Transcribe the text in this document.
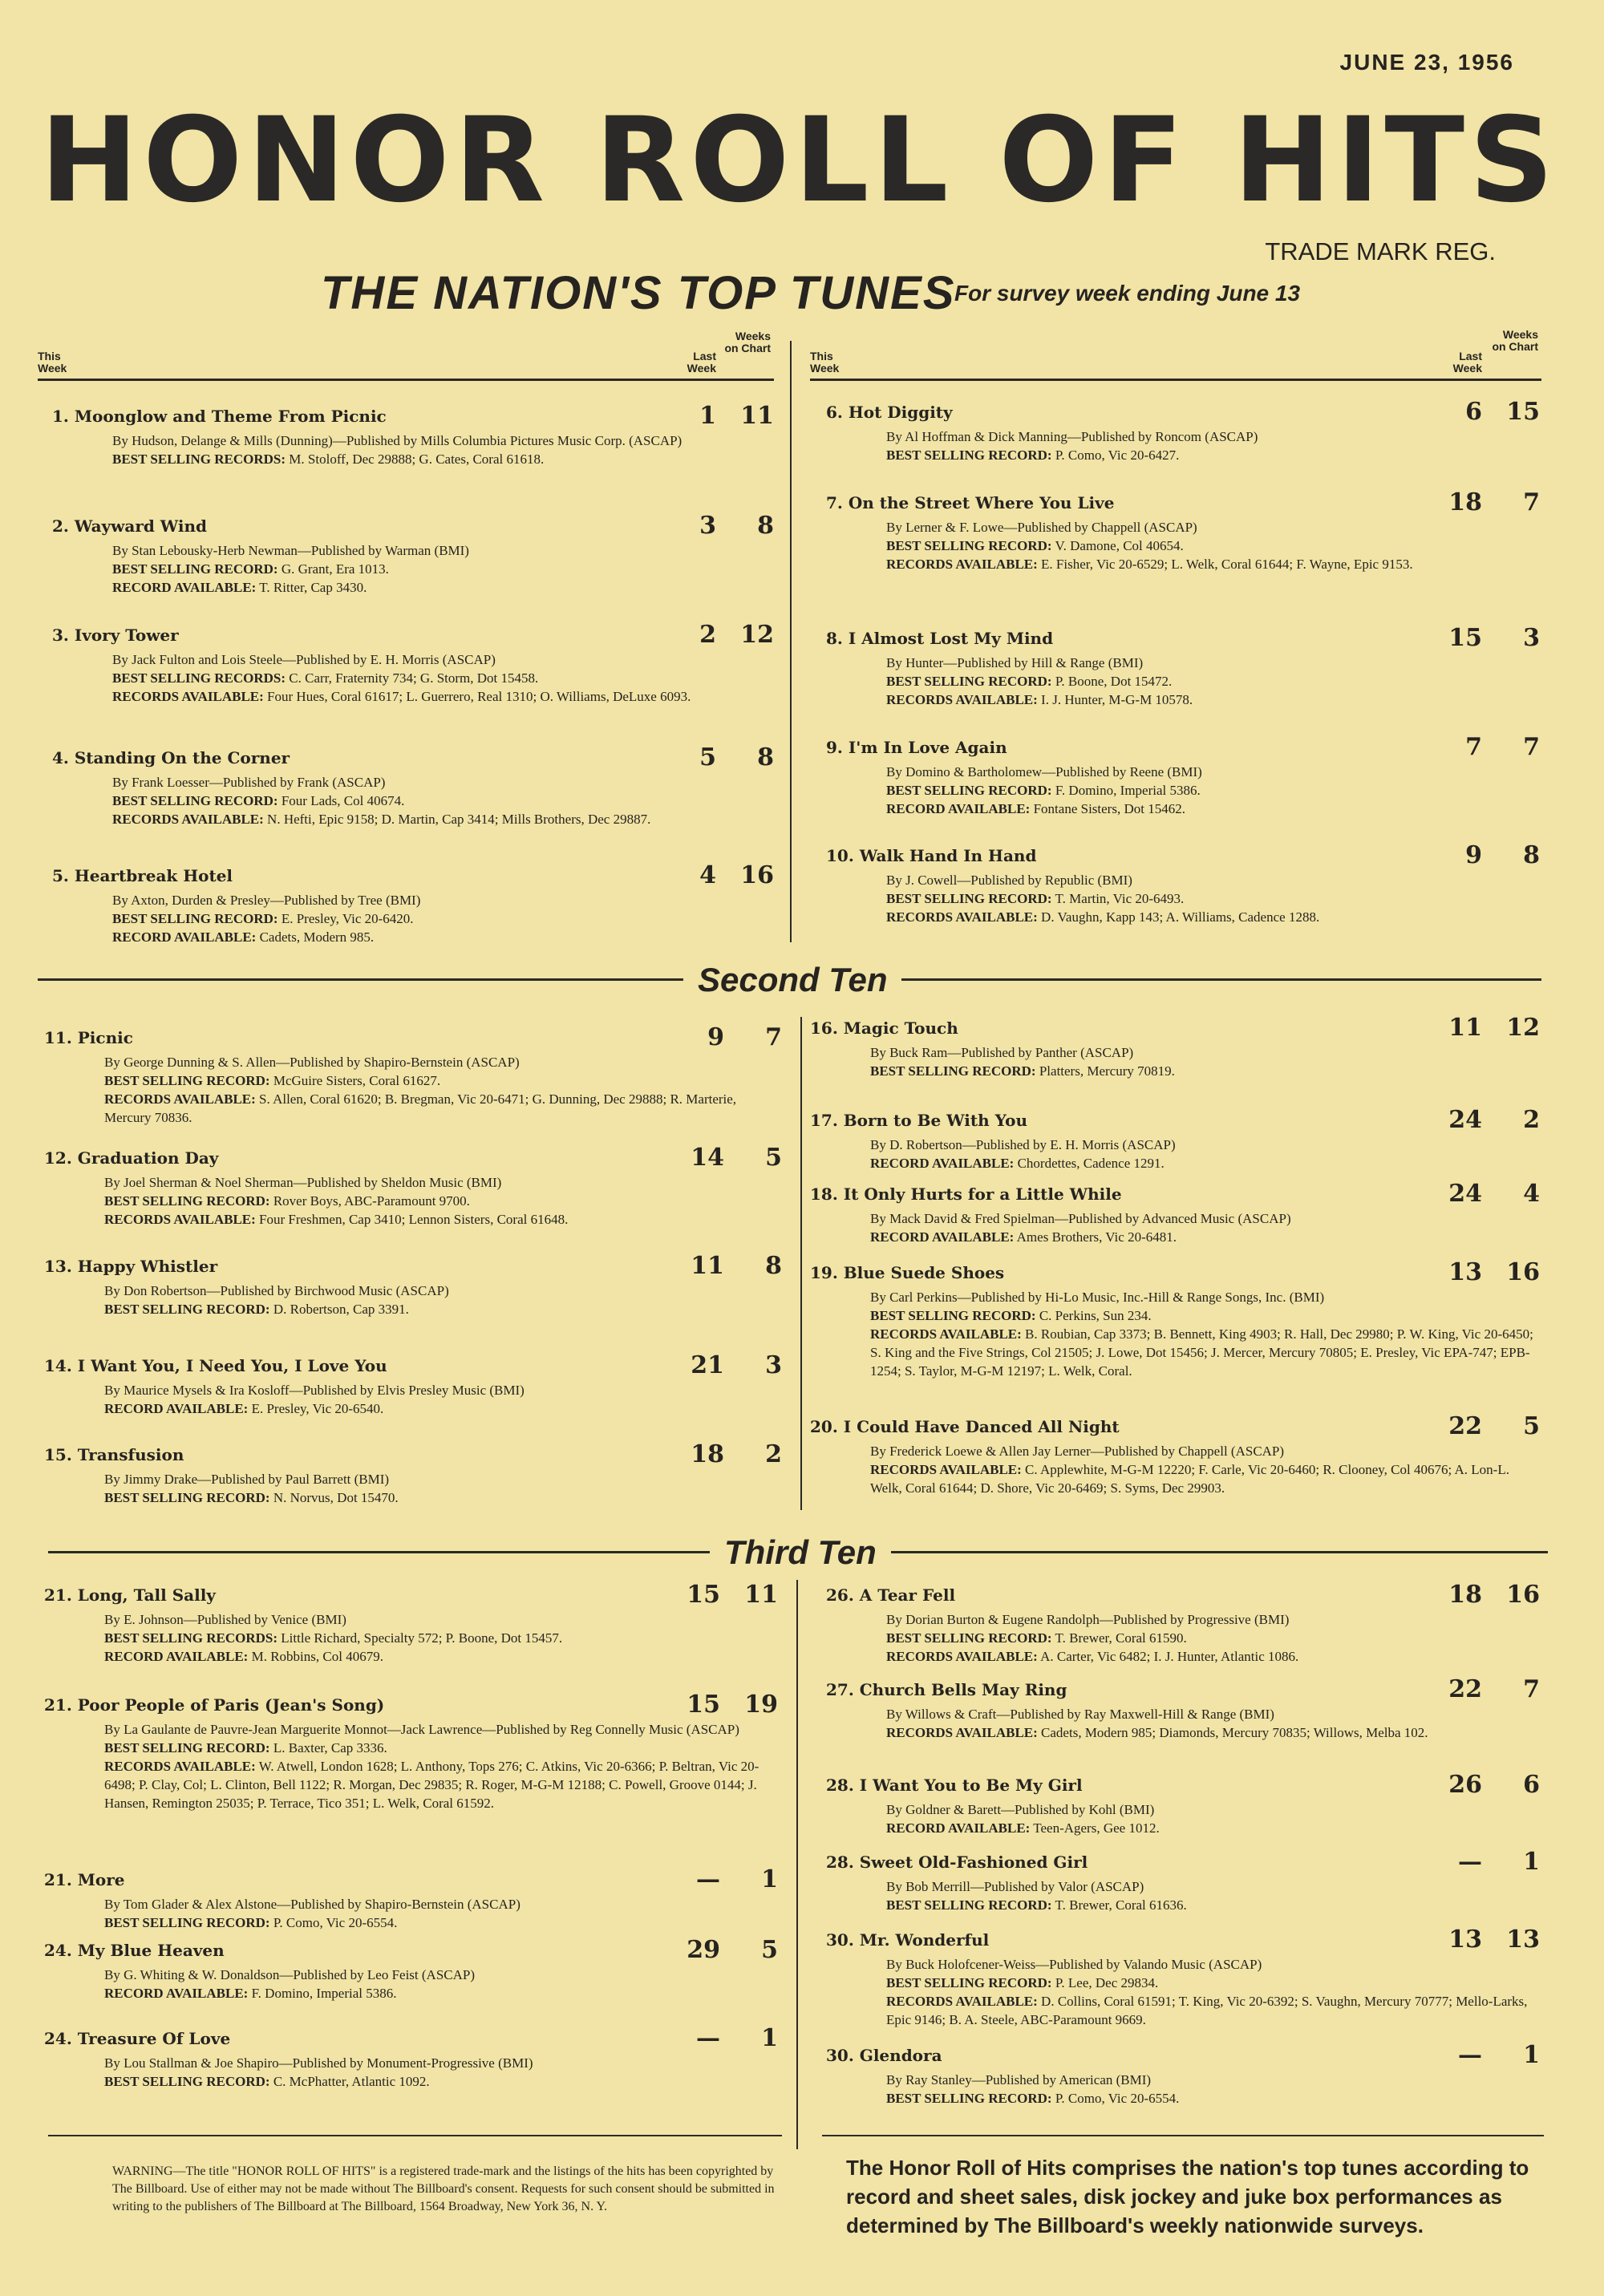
JUNE 23, 1956
HONOR ROLL OF HITS
TRADE MARK REG.
THE NATION'S TOP TUNES
For survey week ending June 13
This Week
Last Week
Weeks on Chart
This Week
Last Week
Weeks on Chart
Second Ten
Third Ten
1. Moonglow and Theme From Picnic	1	11
By Hudson, Delange & Mills (Dunning)—Published by Mills Columbia Pictures Music Corp. (ASCAP)
BEST SELLING RECORDS: M. Stoloff, Dec 29888; G. Cates, Coral 61618.
2. Wayward Wind	3	8
By Stan Lebousky-Herb Newman—Published by Warman (BMI)
BEST SELLING RECORD: G. Grant, Era 1013.
RECORD AVAILABLE: T. Ritter, Cap 3430.
3. Ivory Tower	2	12
By Jack Fulton and Lois Steele—Published by E. H. Morris (ASCAP)
BEST SELLING RECORDS: C. Carr, Fraternity 734; G. Storm, Dot 15458.
RECORDS AVAILABLE: Four Hues, Coral 61617; L. Guerrero, Real 1310; O. Williams, DeLuxe 6093.
4. Standing On the Corner	5	8
By Frank Loesser—Published by Frank (ASCAP)
BEST SELLING RECORD: Four Lads, Col 40674.
RECORDS AVAILABLE: N. Hefti, Epic 9158; D. Martin, Cap 3414; Mills Brothers, Dec 29887.
5. Heartbreak Hotel	4	16
By Axton, Durden & Presley—Published by Tree (BMI)
BEST SELLING RECORD: E. Presley, Vic 20-6420.
RECORD AVAILABLE: Cadets, Modern 985.
6. Hot Diggity	6	15
By Al Hoffman & Dick Manning—Published by Roncom (ASCAP)
BEST SELLING RECORD: P. Como, Vic 20-6427.
7. On the Street Where You Live	18	7
By Lerner & F. Lowe—Published by Chappell (ASCAP)
BEST SELLING RECORD: V. Damone, Col 40654.
RECORDS AVAILABLE: E. Fisher, Vic 20-6529; L. Welk, Coral 61644; F. Wayne, Epic 9153.
8. I Almost Lost My Mind	15	3
By Hunter—Published by Hill & Range (BMI)
BEST SELLING RECORD: P. Boone, Dot 15472.
RECORDS AVAILABLE: I. J. Hunter, M-G-M 10578.
9. I'm In Love Again	7	7
By Domino & Bartholomew—Published by Reene (BMI)
BEST SELLING RECORD: F. Domino, Imperial 5386.
RECORD AVAILABLE: Fontane Sisters, Dot 15462.
10. Walk Hand In Hand	9	8
By J. Cowell—Published by Republic (BMI)
BEST SELLING RECORD: T. Martin, Vic 20-6493.
RECORDS AVAILABLE: D. Vaughn, Kapp 143; A. Williams, Cadence 1288.
11. Picnic	9	7
By George Dunning & S. Allen—Published by Shapiro-Bernstein (ASCAP)
BEST SELLING RECORD: McGuire Sisters, Coral 61627.
RECORDS AVAILABLE: S. Allen, Coral 61620; B. Bregman, Vic 20-6471; G. Dunning, Dec 29888; R. Marterie, Mercury 70836.
12. Graduation Day	14	5
By Joel Sherman & Noel Sherman—Published by Sheldon Music (BMI)
BEST SELLING RECORD: Rover Boys, ABC-Paramount 9700.
RECORDS AVAILABLE: Four Freshmen, Cap 3410; Lennon Sisters, Coral 61648.
13. Happy Whistler	11	8
By Don Robertson—Published by Birchwood Music (ASCAP)
BEST SELLING RECORD: D. Robertson, Cap 3391.
14. I Want You, I Need You, I Love You	21	3
By Maurice Mysels & Ira Kosloff—Published by Elvis Presley Music (BMI)
RECORD AVAILABLE: E. Presley, Vic 20-6540.
15. Transfusion	18	2
By Jimmy Drake—Published by Paul Barrett (BMI)
BEST SELLING RECORD: N. Norvus, Dot 15470.
16. Magic Touch	11	12
By Buck Ram—Published by Panther (ASCAP)
BEST SELLING RECORD: Platters, Mercury 70819.
17. Born to Be With You	24	2
By D. Robertson—Published by E. H. Morris (ASCAP)
RECORD AVAILABLE: Chordettes, Cadence 1291.
18. It Only Hurts for a Little While	24	4
By Mack David & Fred Spielman—Published by Advanced Music (ASCAP)
RECORD AVAILABLE: Ames Brothers, Vic 20-6481.
19. Blue Suede Shoes	13	16
By Carl Perkins—Published by Hi-Lo Music, Inc.-Hill & Range Songs, Inc. (BMI)
BEST SELLING RECORD: C. Perkins, Sun 234.
RECORDS AVAILABLE: B. Roubian, Cap 3373; B. Bennett, King 4903; R. Hall, Dec 29980; P. W. King, Vic 20-6450; S. King and the Five Strings, Col 21505; J. Lowe, Dot 15456; J. Mercer, Mercury 70805; E. Presley, Vic EPA-747; EPB-1254; S. Taylor, M-G-M 12197; L. Welk, Coral.
20. I Could Have Danced All Night	22	5
By Frederick Loewe & Allen Jay Lerner—Published by Chappell (ASCAP)
RECORDS AVAILABLE: C. Applewhite, M-G-M 12220; F. Carle, Vic 20-6460; R. Clooney, Col 40676; A. Lon-L. Welk, Coral 61644; D. Shore, Vic 20-6469; S. Syms, Dec 29903.
21. Long, Tall Sally	15	11
By E. Johnson—Published by Venice (BMI)
BEST SELLING RECORDS: Little Richard, Specialty 572; P. Boone, Dot 15457.
RECORD AVAILABLE: M. Robbins, Col 40679.
21. Poor People of Paris (Jean's Song)	15	19
By La Gaulante de Pauvre-Jean Marguerite Monnot—Jack Lawrence—Published by Reg Connelly Music (ASCAP)
BEST SELLING RECORD: L. Baxter, Cap 3336.
RECORDS AVAILABLE: W. Atwell, London 1628; L. Anthony, Tops 276; C. Atkins, Vic 20-6366; P. Beltran, Vic 20-6498; P. Clay, Col; L. Clinton, Bell 1122; R. Morgan, Dec 29835; R. Roger, M-G-M 12188; C. Powell, Groove 0144; J. Hansen, Remington 25035; P. Terrace, Tico 351; L. Welk, Coral 61592.
21. More	—	1
By Tom Glader & Alex Alstone—Published by Shapiro-Bernstein (ASCAP)
BEST SELLING RECORD: P. Como, Vic 20-6554.
24. My Blue Heaven	29	5
By G. Whiting & W. Donaldson—Published by Leo Feist (ASCAP)
RECORD AVAILABLE: F. Domino, Imperial 5386.
24. Treasure Of Love	—	1
By Lou Stallman & Joe Shapiro—Published by Monument-Progressive (BMI)
BEST SELLING RECORD: C. McPhatter, Atlantic 1092.
26. A Tear Fell	18	16
By Dorian Burton & Eugene Randolph—Published by Progressive (BMI)
BEST SELLING RECORD: T. Brewer, Coral 61590.
RECORDS AVAILABLE: A. Carter, Vic 6482; I. J. Hunter, Atlantic 1086.
27. Church Bells May Ring	22	7
By Willows & Craft—Published by Ray Maxwell-Hill & Range (BMI)
RECORDS AVAILABLE: Cadets, Modern 985; Diamonds, Mercury 70835; Willows, Melba 102.
28. I Want You to Be My Girl	26	6
By Goldner & Barett—Published by Kohl (BMI)
RECORD AVAILABLE: Teen-Agers, Gee 1012.
28. Sweet Old-Fashioned Girl	—	1
By Bob Merrill—Published by Valor (ASCAP)
BEST SELLING RECORD: T. Brewer, Coral 61636.
30. Mr. Wonderful	13	13
By Buck Holofcener-Weiss—Published by Valando Music (ASCAP)
BEST SELLING RECORD: P. Lee, Dec 29834.
RECORDS AVAILABLE: D. Collins, Coral 61591; T. King, Vic 20-6392; S. Vaughn, Mercury 70777; Mello-Larks, Epic 9146; B. A. Steele, ABC-Paramount 9669.
30. Glendora	—	1
By Ray Stanley—Published by American (BMI)
BEST SELLING RECORD: P. Como, Vic 20-6554.
WARNING—The title "HONOR ROLL OF HITS" is a registered trade-mark and the listings of the hits has been copyrighted by The Billboard. Use of either may not be made without The Billboard's consent. Requests for such consent should be submitted in writing to the publishers of The Billboard at The Billboard, 1564 Broadway, New York 36, N. Y.
The Honor Roll of Hits comprises the nation's top tunes according to record and sheet sales, disk jockey and juke box performances as determined by The Billboard's weekly nationwide surveys.
